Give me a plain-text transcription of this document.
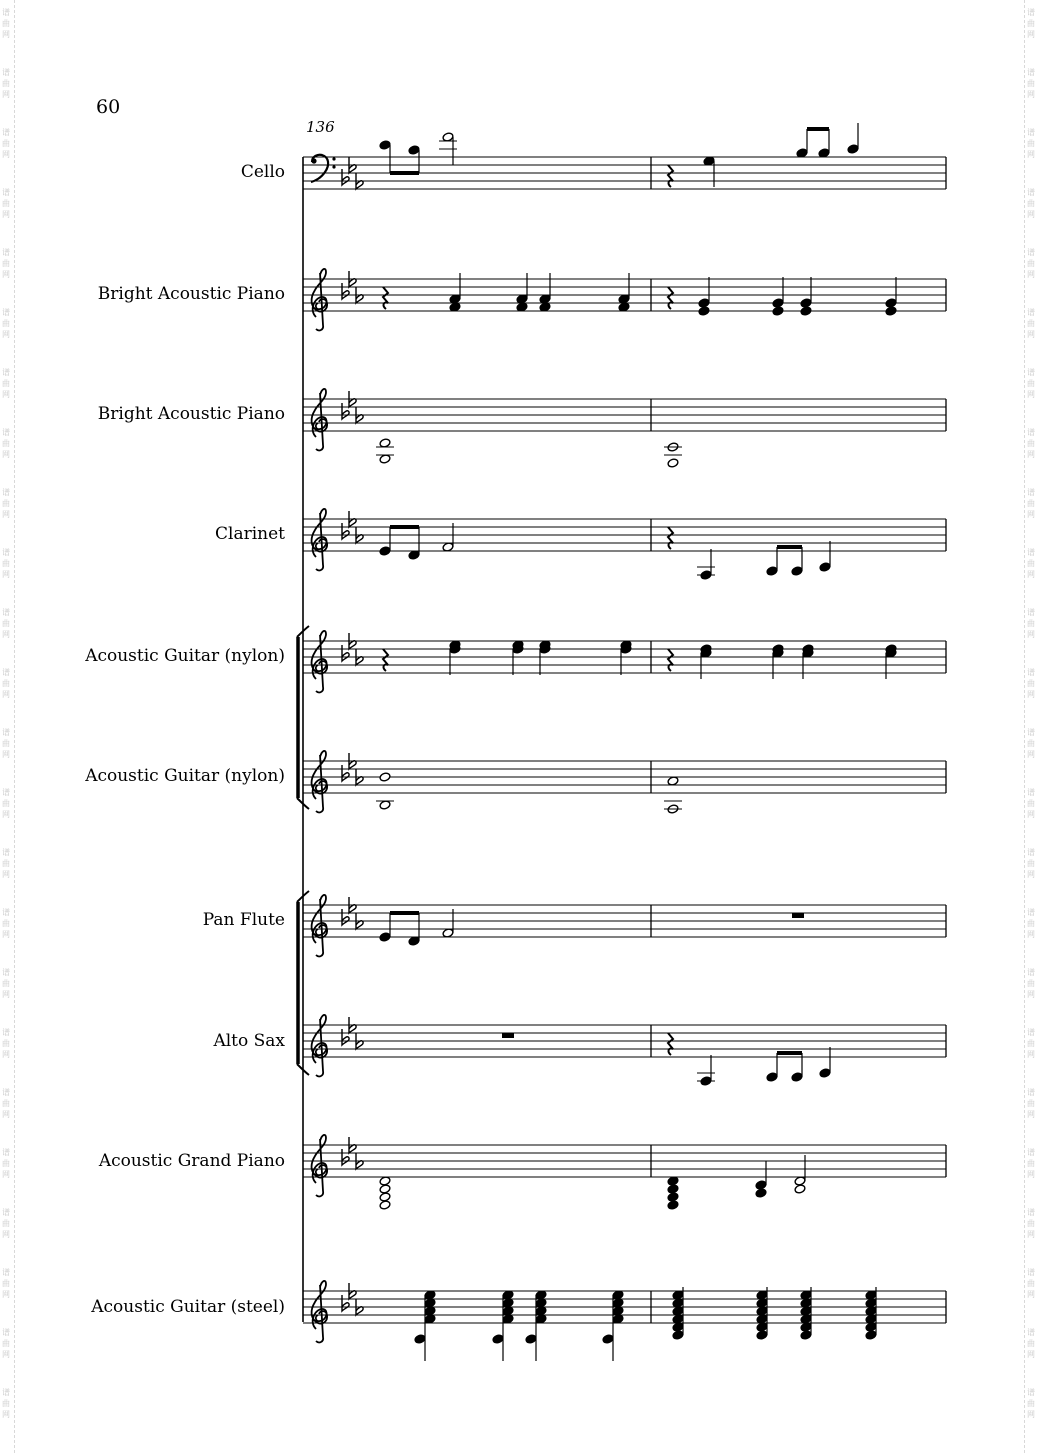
谱
曲
网
谱
曲
网
谱
曲
网
谱
曲
网
谱
曲
网
谱
曲
网
谱
曲
网
谱
曲
网
谱
曲
网
谱
曲
网
谱
曲
网
谱
曲
网
谱
曲
网
谱
曲
网
谱
曲
网
谱
曲
网
谱
曲
网
谱
曲
网
谱
曲
网
谱
曲
网
谱
曲
网
谱
曲
网
谱
曲
网
谱
曲
网
谱
曲
网
谱
曲
网
谱
曲
网
谱
曲
网
谱
曲
网
谱
曲
网
谱
曲
网
谱
曲
网
谱
曲
网
谱
曲
网
谱
曲
网
谱
曲
网
谱
曲
网
谱
曲
网
谱
曲
网
谱
曲
网
谱
曲
网
谱
曲
网
谱
曲
网
谱
曲
网
谱
曲
网
谱
曲
网
谱
曲
网
谱
曲
网
60
136
Cello
Bright Acoustic Piano
Bright Acoustic Piano
Clarinet
Acoustic Guitar (nylon)
Acoustic Guitar (nylon)
Pan Flute
Alto Sax
Acoustic Grand Piano
Acoustic Guitar (steel)
